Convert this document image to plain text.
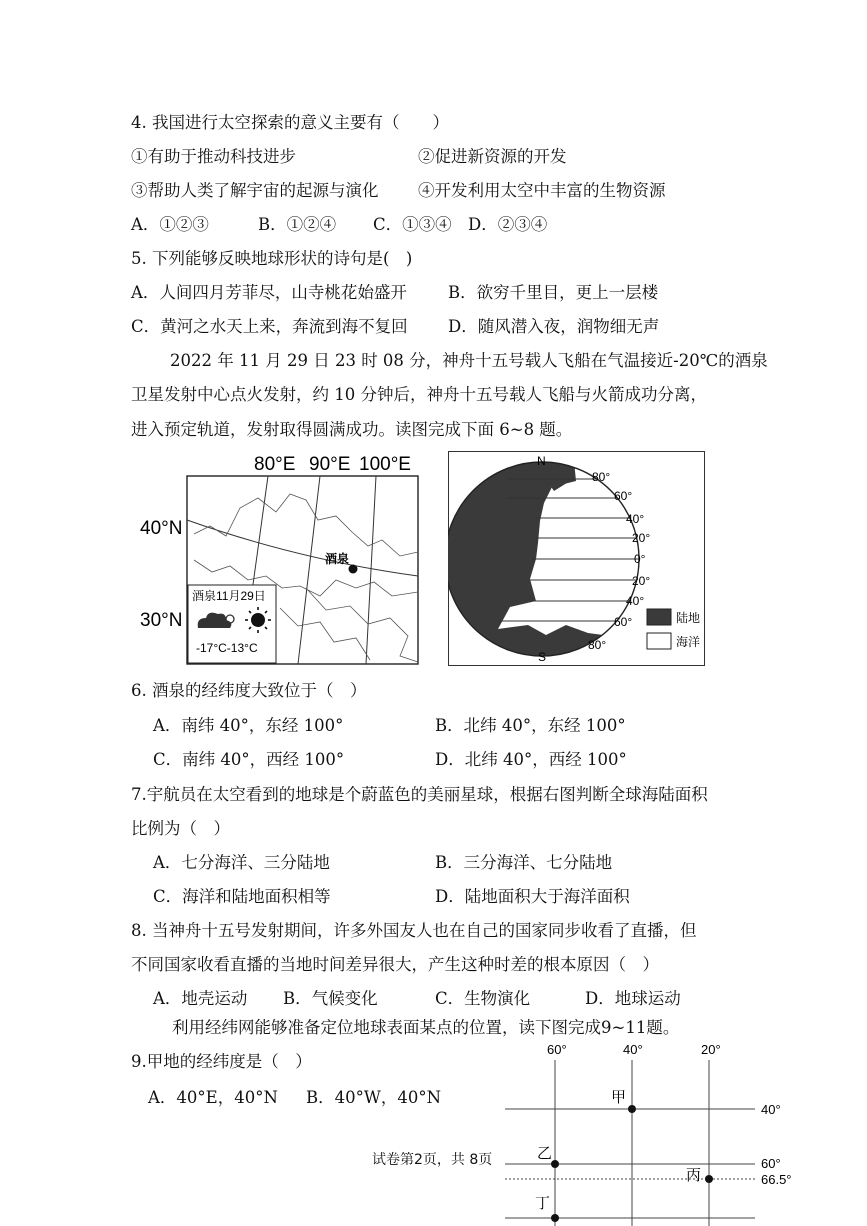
4. 我国进行太空探索的意义主要有（　　）
①有助于推动科技进步	②促进新资源的开发
③帮助人类了解宇宙的起源与演化 ④开发利用太空中丰富的生物资源
A．①②③	B．①②④ C．①③④ D．②③④
5. 下列能够反映地球形状的诗句是(　)
A．人间四月芳菲尽，山寺桃花始盛开 B．欲穷千里目，更上一层楼
C．黄河之水天上来，奔流到海不复回 D．随风潜入夜，润物细无声
2022 年 11 月 29 日 23 时 08 分，神舟十五号载人飞船在气温接近-20℃的酒泉
卫星发射中心点火发射，约 10 分钟后，神舟十五号载人飞船与火箭成功分离，
进入预定轨道，发射取得圆满成功。读图完成下面 6~8 题。
80°E 90°E 100°E
40°N
30°N
酒泉
酒泉11月29日
-17°C-13°C
N
S
80°
60°
40°
20°
0°
20°
40°
60°
80°
陆地
海洋
6. 酒泉的经纬度大致位于（　）
A．南纬 40°，东经 100°	B．北纬 40°，东经 100°
C．南纬 40°，西经 100°	D．北纬 40°，西经 100°
7.宇航员在太空看到的地球是个蔚蓝色的美丽星球，根据右图判断全球海陆面积
比例为（　）
A．七分海洋、三分陆地	B．三分海洋、七分陆地
C．海洋和陆地面积相等	D．陆地面积大于海洋面积
8. 当神舟十五号发射期间，许多外国友人也在自己的国家同步收看了直播，但
不同国家收看直播的当地时间差异很大，产生这种时差的根本原因（　）
A．地壳运动 B．气候变化	C．生物演化	D．地球运动
利用经纬网能够准备定位地球表面某点的位置，读下图完成9~11题。
9.甲地的经纬度是（　）
A．40°E，40°N B．40°W，40°N
60°	40°	20°
40°
60°
66.5°
甲
乙
丙
丁
试卷第2页，共 8页
